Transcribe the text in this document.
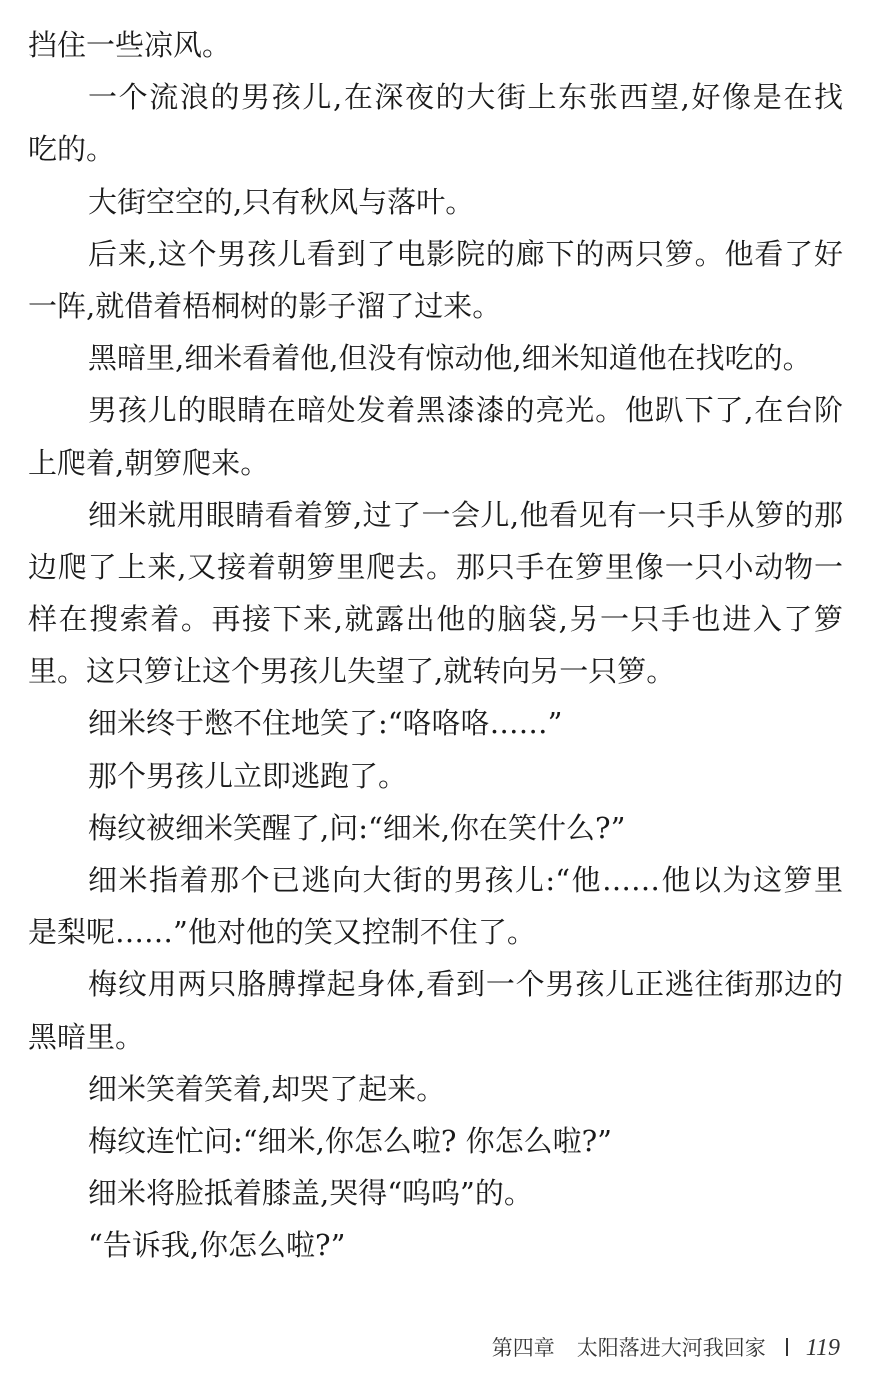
挡住一些凉风。
一个流浪的男孩儿,在深夜的大街上东张西望,好像是在找
吃的。
大街空空的,只有秋风与落叶。
后来,这个男孩儿看到了电影院的廊下的两只箩。他看了好
一阵,就借着梧桐树的影子溜了过来。
黑暗里,细米看着他,但没有惊动他,细米知道他在找吃的。
男孩儿的眼睛在暗处发着黑漆漆的亮光。他趴下了,在台阶
上爬着,朝箩爬来。
细米就用眼睛看着箩,过了一会儿,他看见有一只手从箩的那
边爬了上来,又接着朝箩里爬去。那只手在箩里像一只小动物一
样在搜索着。再接下来,就露出他的脑袋,另一只手也进入了箩
里。这只箩让这个男孩儿失望了,就转向另一只箩。
细米终于憋不住地笑了:“咯咯咯……”
那个男孩儿立即逃跑了。
梅纹被细米笑醒了,问:“细米,你在笑什么?”
细米指着那个已逃向大街的男孩儿:“他……他以为这箩里
是梨呢……”他对他的笑又控制不住了。
梅纹用两只胳膊撑起身体,看到一个男孩儿正逃往街那边的
黑暗里。
细米笑着笑着,却哭了起来。
梅纹连忙问:“细米,你怎么啦? 你怎么啦?”
细米将脸抵着膝盖,哭得“呜呜”的。
“告诉我,你怎么啦?”
第四章 太阳落进大河我回家 119
